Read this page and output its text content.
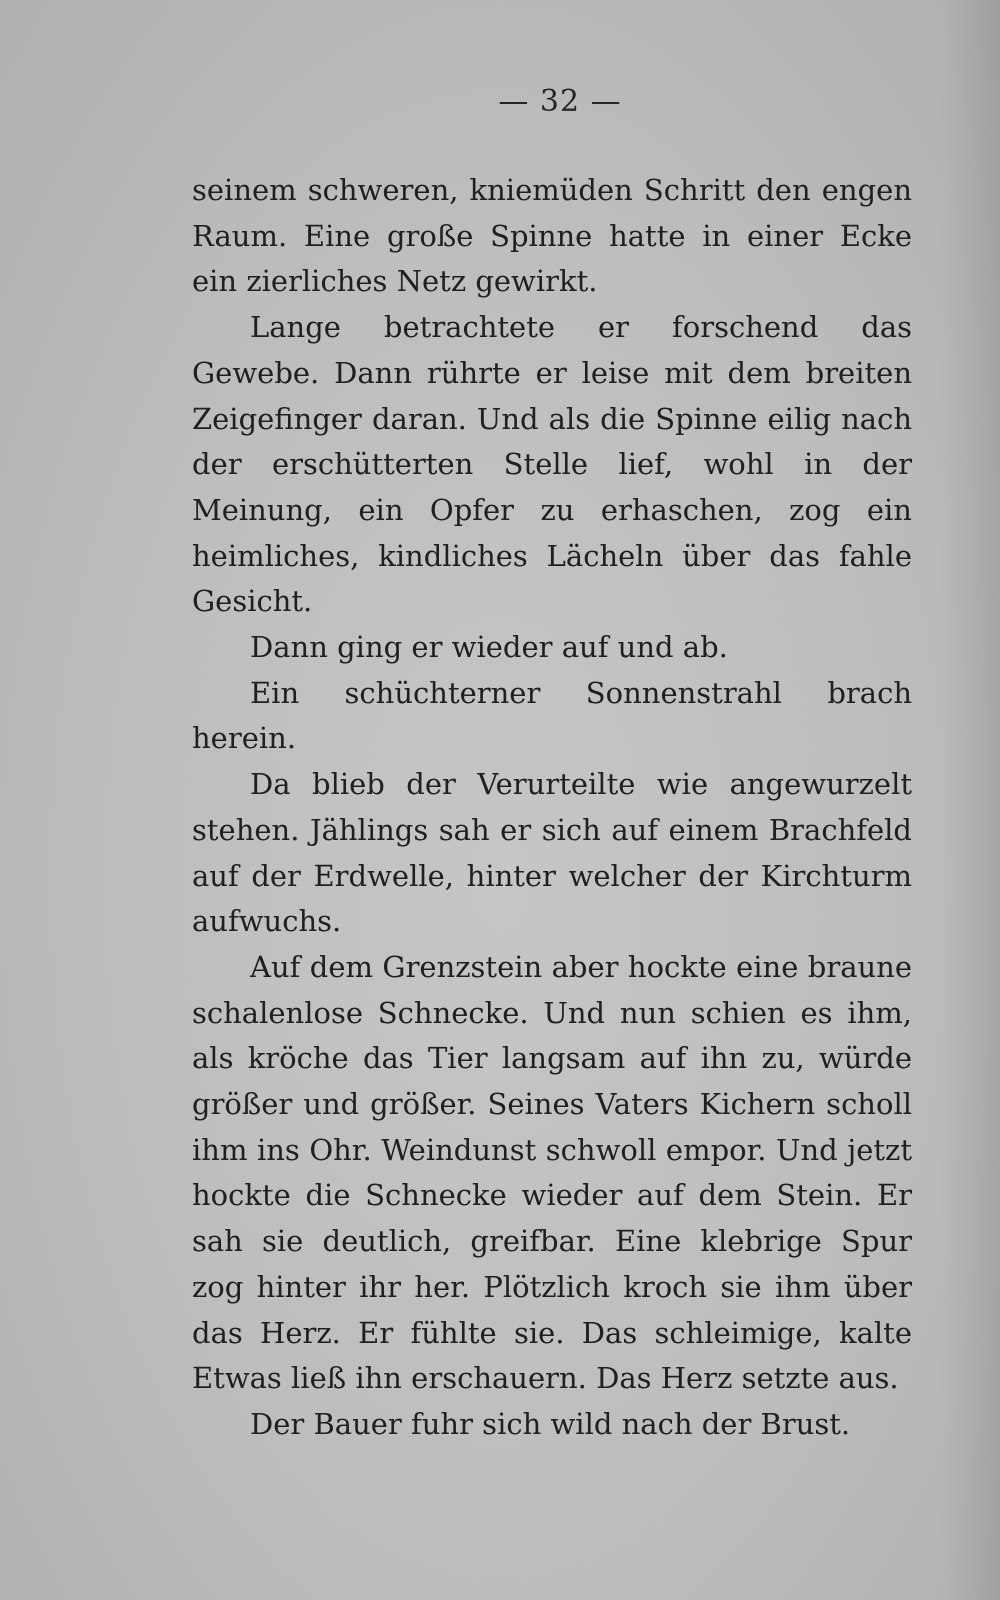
— 32 —

seinem schweren, kniemüden Schritt den engen Raum. Eine große Spinne hatte in einer Ecke ein zierliches Netz gewirkt.

Lange betrachtete er forschend das Gewebe. Dann rührte er leise mit dem breiten Zeigefinger daran. Und als die Spinne eilig nach der erschütterten Stelle lief, wohl in der Meinung, ein Opfer zu erhaschen, zog ein heimliches, kindliches Lächeln über das fahle Gesicht.

Dann ging er wieder auf und ab.

Ein schüchterner Sonnenstrahl brach herein.

Da blieb der Verurteilte wie angewurzelt stehen. Jählings sah er sich auf einem Brachfeld auf der Erdwelle, hinter welcher der Kirchturm aufwuchs.

Auf dem Grenzstein aber hockte eine braune schalenlose Schnecke. Und nun schien es ihm, als kröche das Tier langsam auf ihn zu, würde größer und größer. Seines Vaters Kichern scholl ihm ins Ohr. Weindunst schwoll empor. Und jetzt hockte die Schnecke wieder auf dem Stein. Er sah sie deutlich, greifbar. Eine klebrige Spur zog hinter ihr her. Plötzlich kroch sie ihm über das Herz. Er fühlte sie. Das schleimige, kalte Etwas ließ ihn erschauern. Das Herz setzte aus.

Der Bauer fuhr sich wild nach der Brust.
